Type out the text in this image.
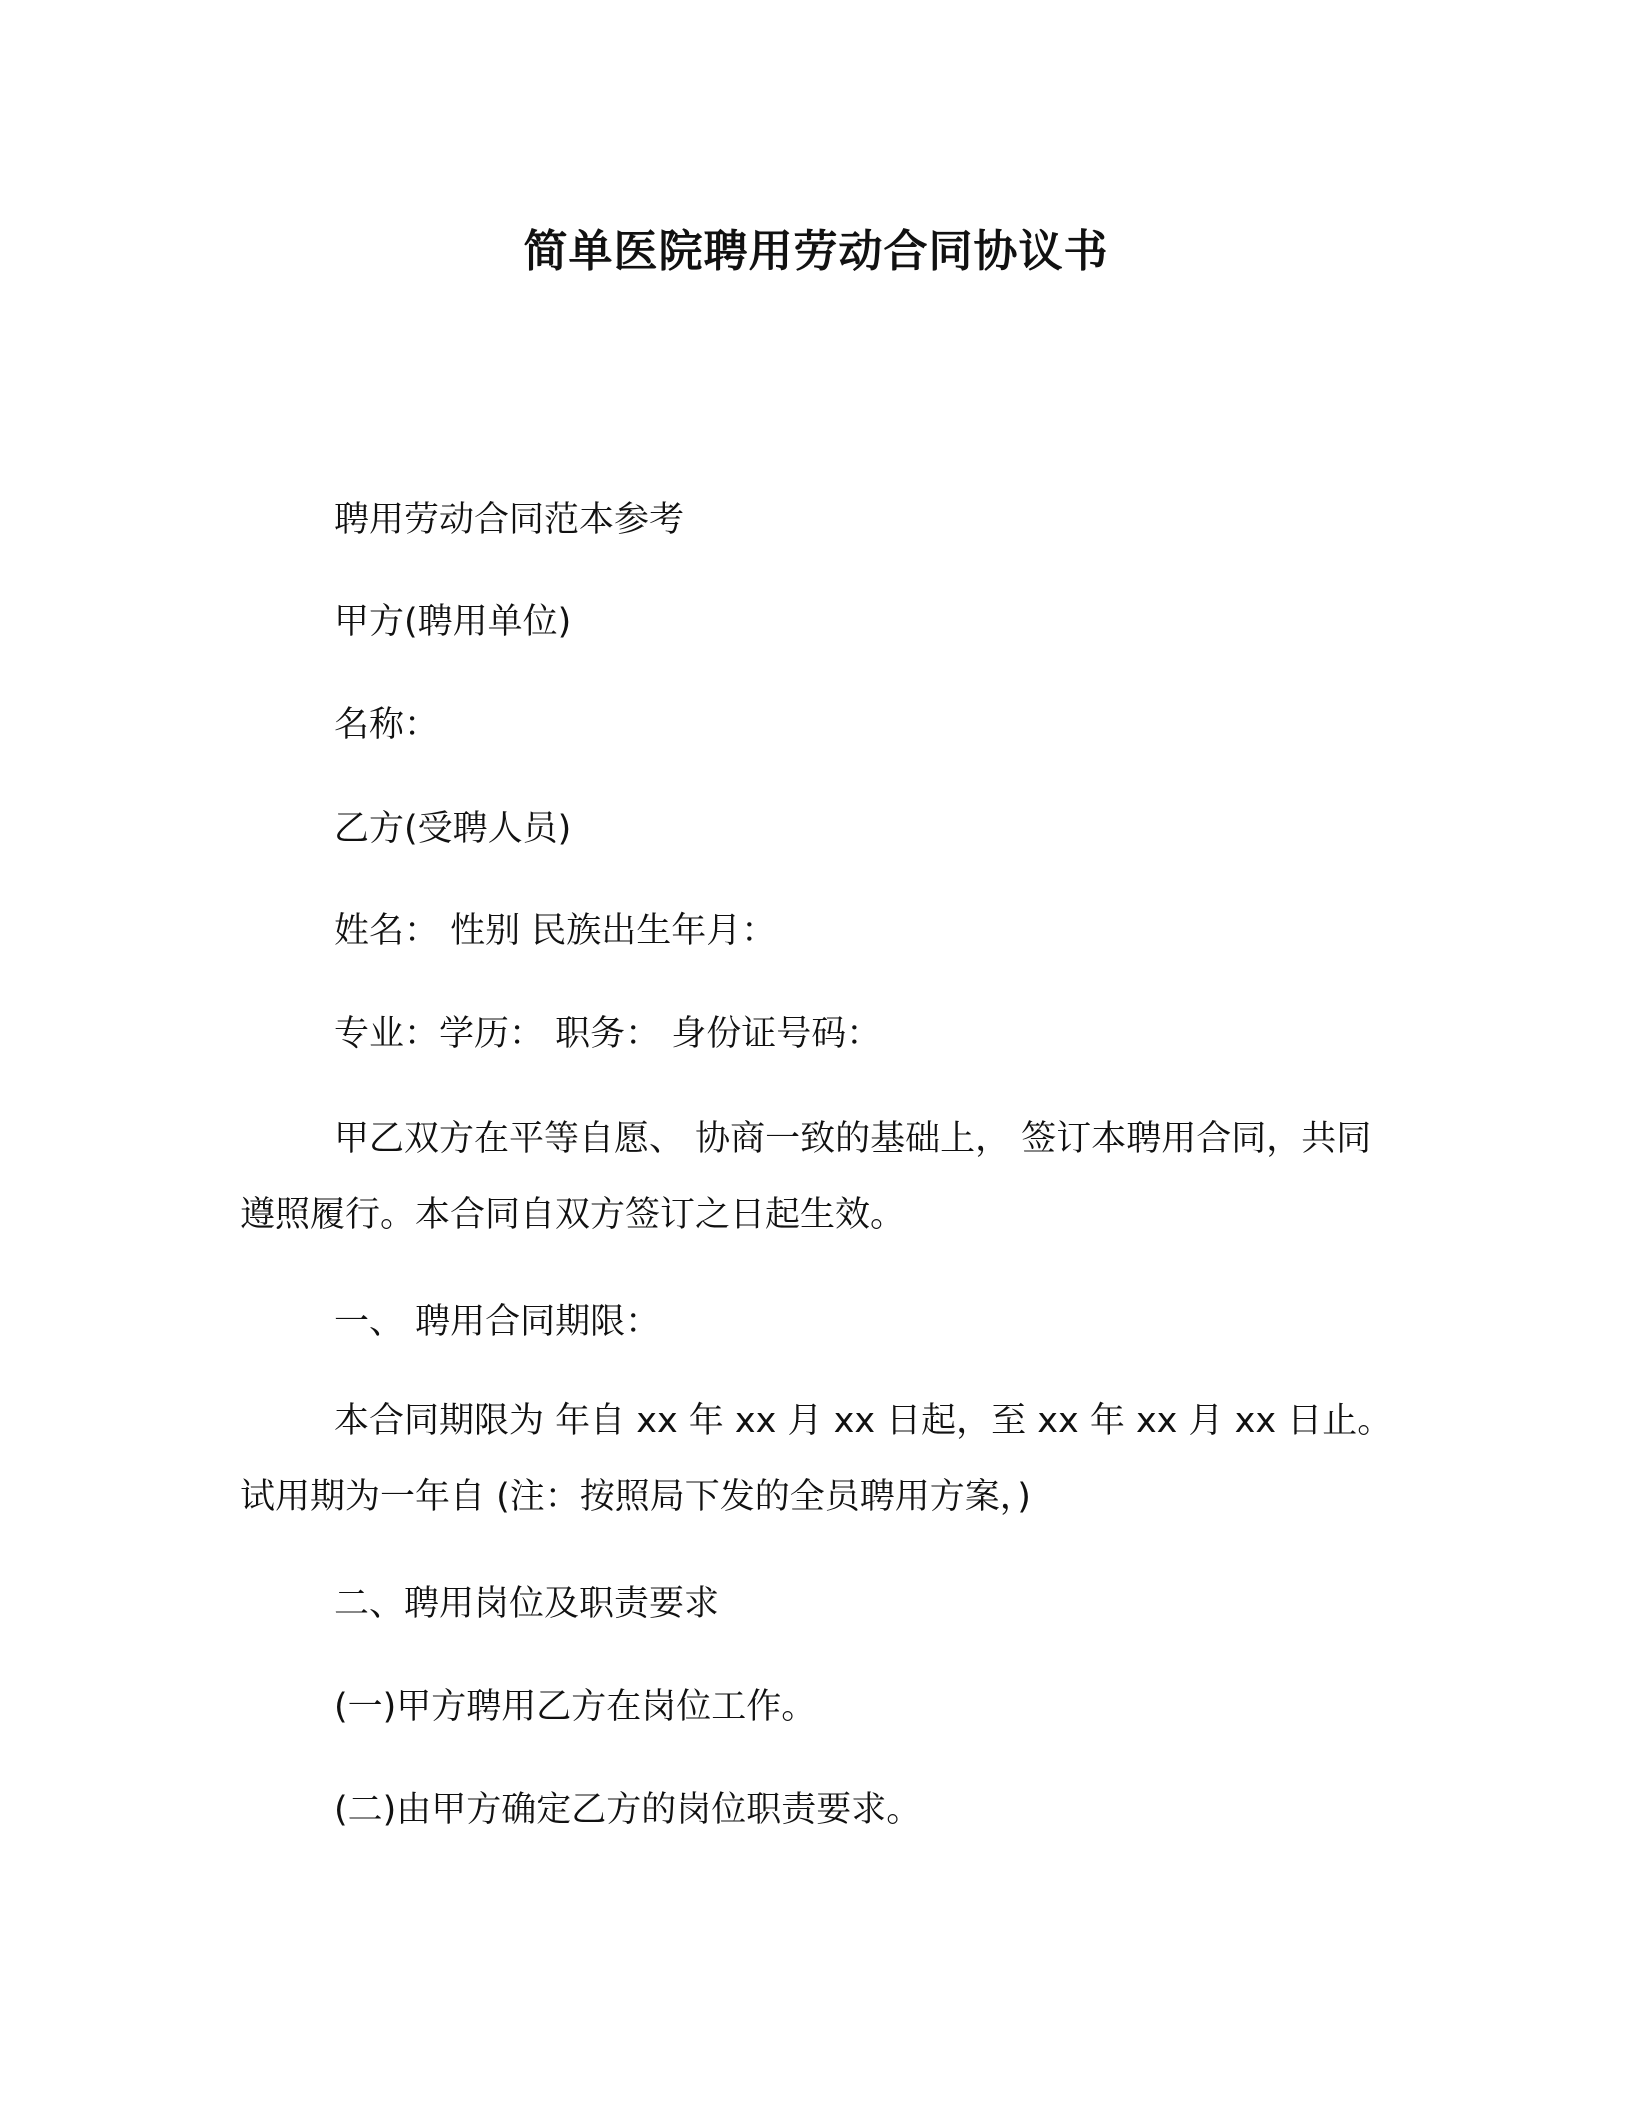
简单医院聘用劳动合同协议书
聘用劳动合同范本参考
甲方(聘用单位)
名称：
乙方(受聘人员)
姓名： 性别 民族出生年月：
专业：学历： 职务： 身份证号码：
甲乙双方在平等自愿、 协商一致的基础上， 签订本聘用合同，共同遵照履行。本合同自双方签订之日起生效。
一、 聘用合同期限：
本合同期限为 年自 xx 年 xx 月 xx 日起，至 xx 年 xx 月 xx 日止。试用期为一年自 (注：按照局下发的全员聘用方案，)
二、聘用岗位及职责要求
(一)甲方聘用乙方在岗位工作。
(二)由甲方确定乙方的岗位职责要求。
